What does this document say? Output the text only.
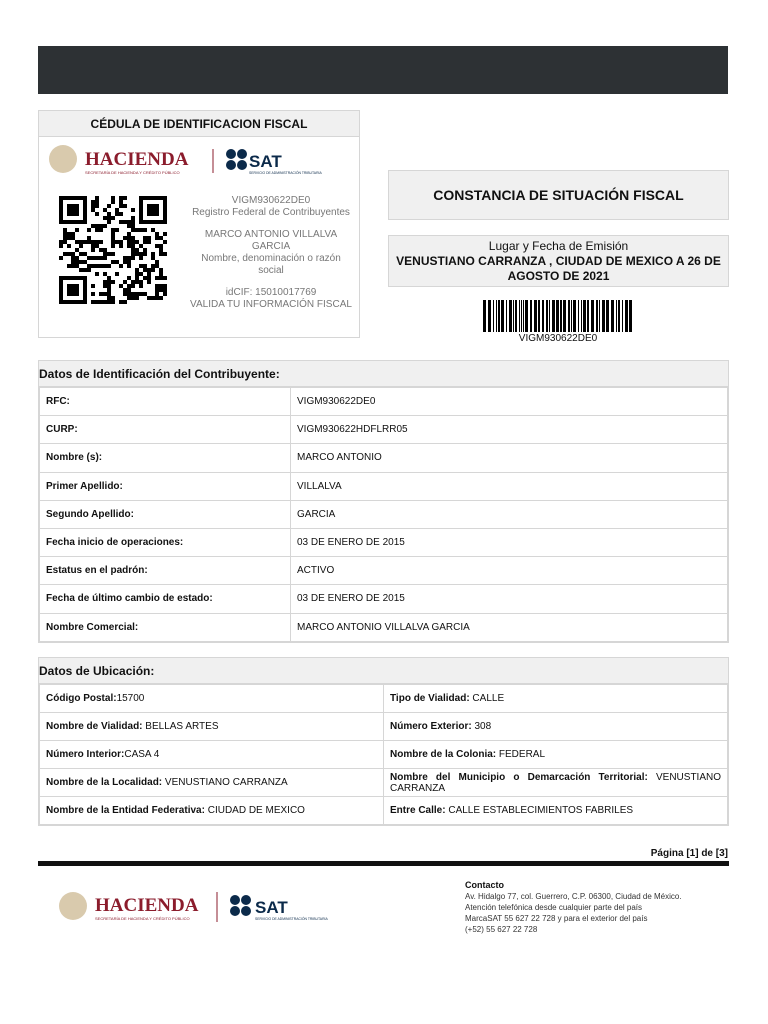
CÉDULA DE IDENTIFICACION FISCAL
HACIENDA
SECRETARÍA DE HACIENDA Y CRÉDITO PÚBLICO
SAT
SERVICIO DE ADMINISTRACIÓN TRIBUTARIA
VIGM930622DE0
Registro Federal de Contribuyentes
MARCO ANTONIO VILLALVA GARCIA
Nombre, denominación o razón social
idCIF: 15010017769
VALIDA TU INFORMACIÓN FISCAL
CONSTANCIA DE SITUACIÓN FISCAL
Lugar y Fecha de Emisión
VENUSTIANO CARRANZA , CIUDAD DE MEXICO A 26 DE AGOSTO DE 2021
VIGM930622DE0
Datos de Identificación del Contribuyente:
RFC:	VIGM930622DE0
CURP:	VIGM930622HDFLRR05
Nombre (s):	MARCO ANTONIO
Primer Apellido:	VILLALVA
Segundo Apellido:	GARCIA
Fecha inicio de operaciones:	03 DE ENERO DE 2015
Estatus en el padrón:	ACTIVO
Fecha de último cambio de estado:	03 DE ENERO DE 2015
Nombre Comercial:	MARCO ANTONIO VILLALVA GARCIA
Datos de Ubicación:
Código Postal:15700	Tipo de Vialidad: CALLE
Nombre de Vialidad: BELLAS ARTES	Número Exterior: 308
Número Interior:CASA 4	Nombre de la Colonia: FEDERAL
Nombre de la Localidad: VENUSTIANO CARRANZA	Nombre del Municipio o Demarcación Territorial: VENUSTIANO CARRANZA
Nombre de la Entidad Federativa: CIUDAD DE MEXICO	Entre Calle: CALLE ESTABLECIMIENTOS FABRILES
Página [1] de [3]
HACIENDA
SECRETARÍA DE HACIENDA Y CRÉDITO PÚBLICO
SAT
SERVICIO DE ADMINISTRACIÓN TRIBUTARIA
Contacto
Av. Hidalgo 77, col. Guerrero, C.P. 06300, Ciudad de México.
Atención telefónica desde cualquier parte del país
MarcaSAT 55 627 22 728 y para el exterior del país
(+52) 55 627 22 728
